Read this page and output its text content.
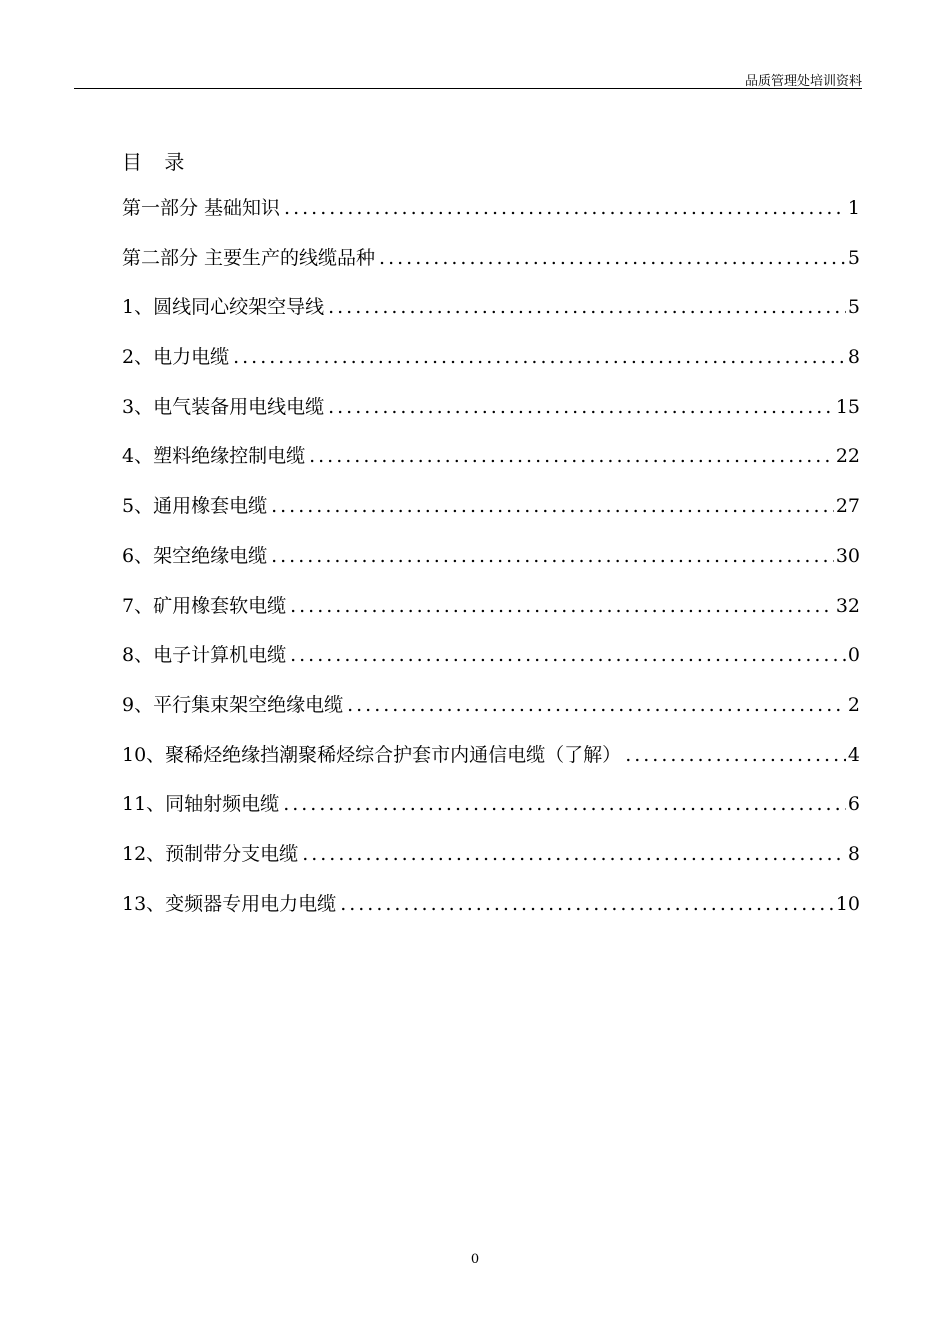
品质管理处培训资料
目 录
第一部分 基础知识 .....	1
第二部分 主要生产的线缆品种 .....	5
1、圆线同心绞架空导线 .....	5
2、电力电缆 .....	8
3、电气装备用电线电缆 .....	15
4、塑料绝缘控制电缆 .....	22
5、通用橡套电缆 .....	27
6、架空绝缘电缆 .....	30
7、矿用橡套软电缆 .....	32
8、电子计算机电缆 .....	0
9、平行集束架空绝缘电缆 .....	2
10、聚稀烃绝缘挡潮聚稀烃综合护套市内通信电缆（了解） .....	4
11、同轴射频电缆 .....	6
12、预制带分支电缆 .....	8
13、变频器专用电力电缆 .....	10
0
